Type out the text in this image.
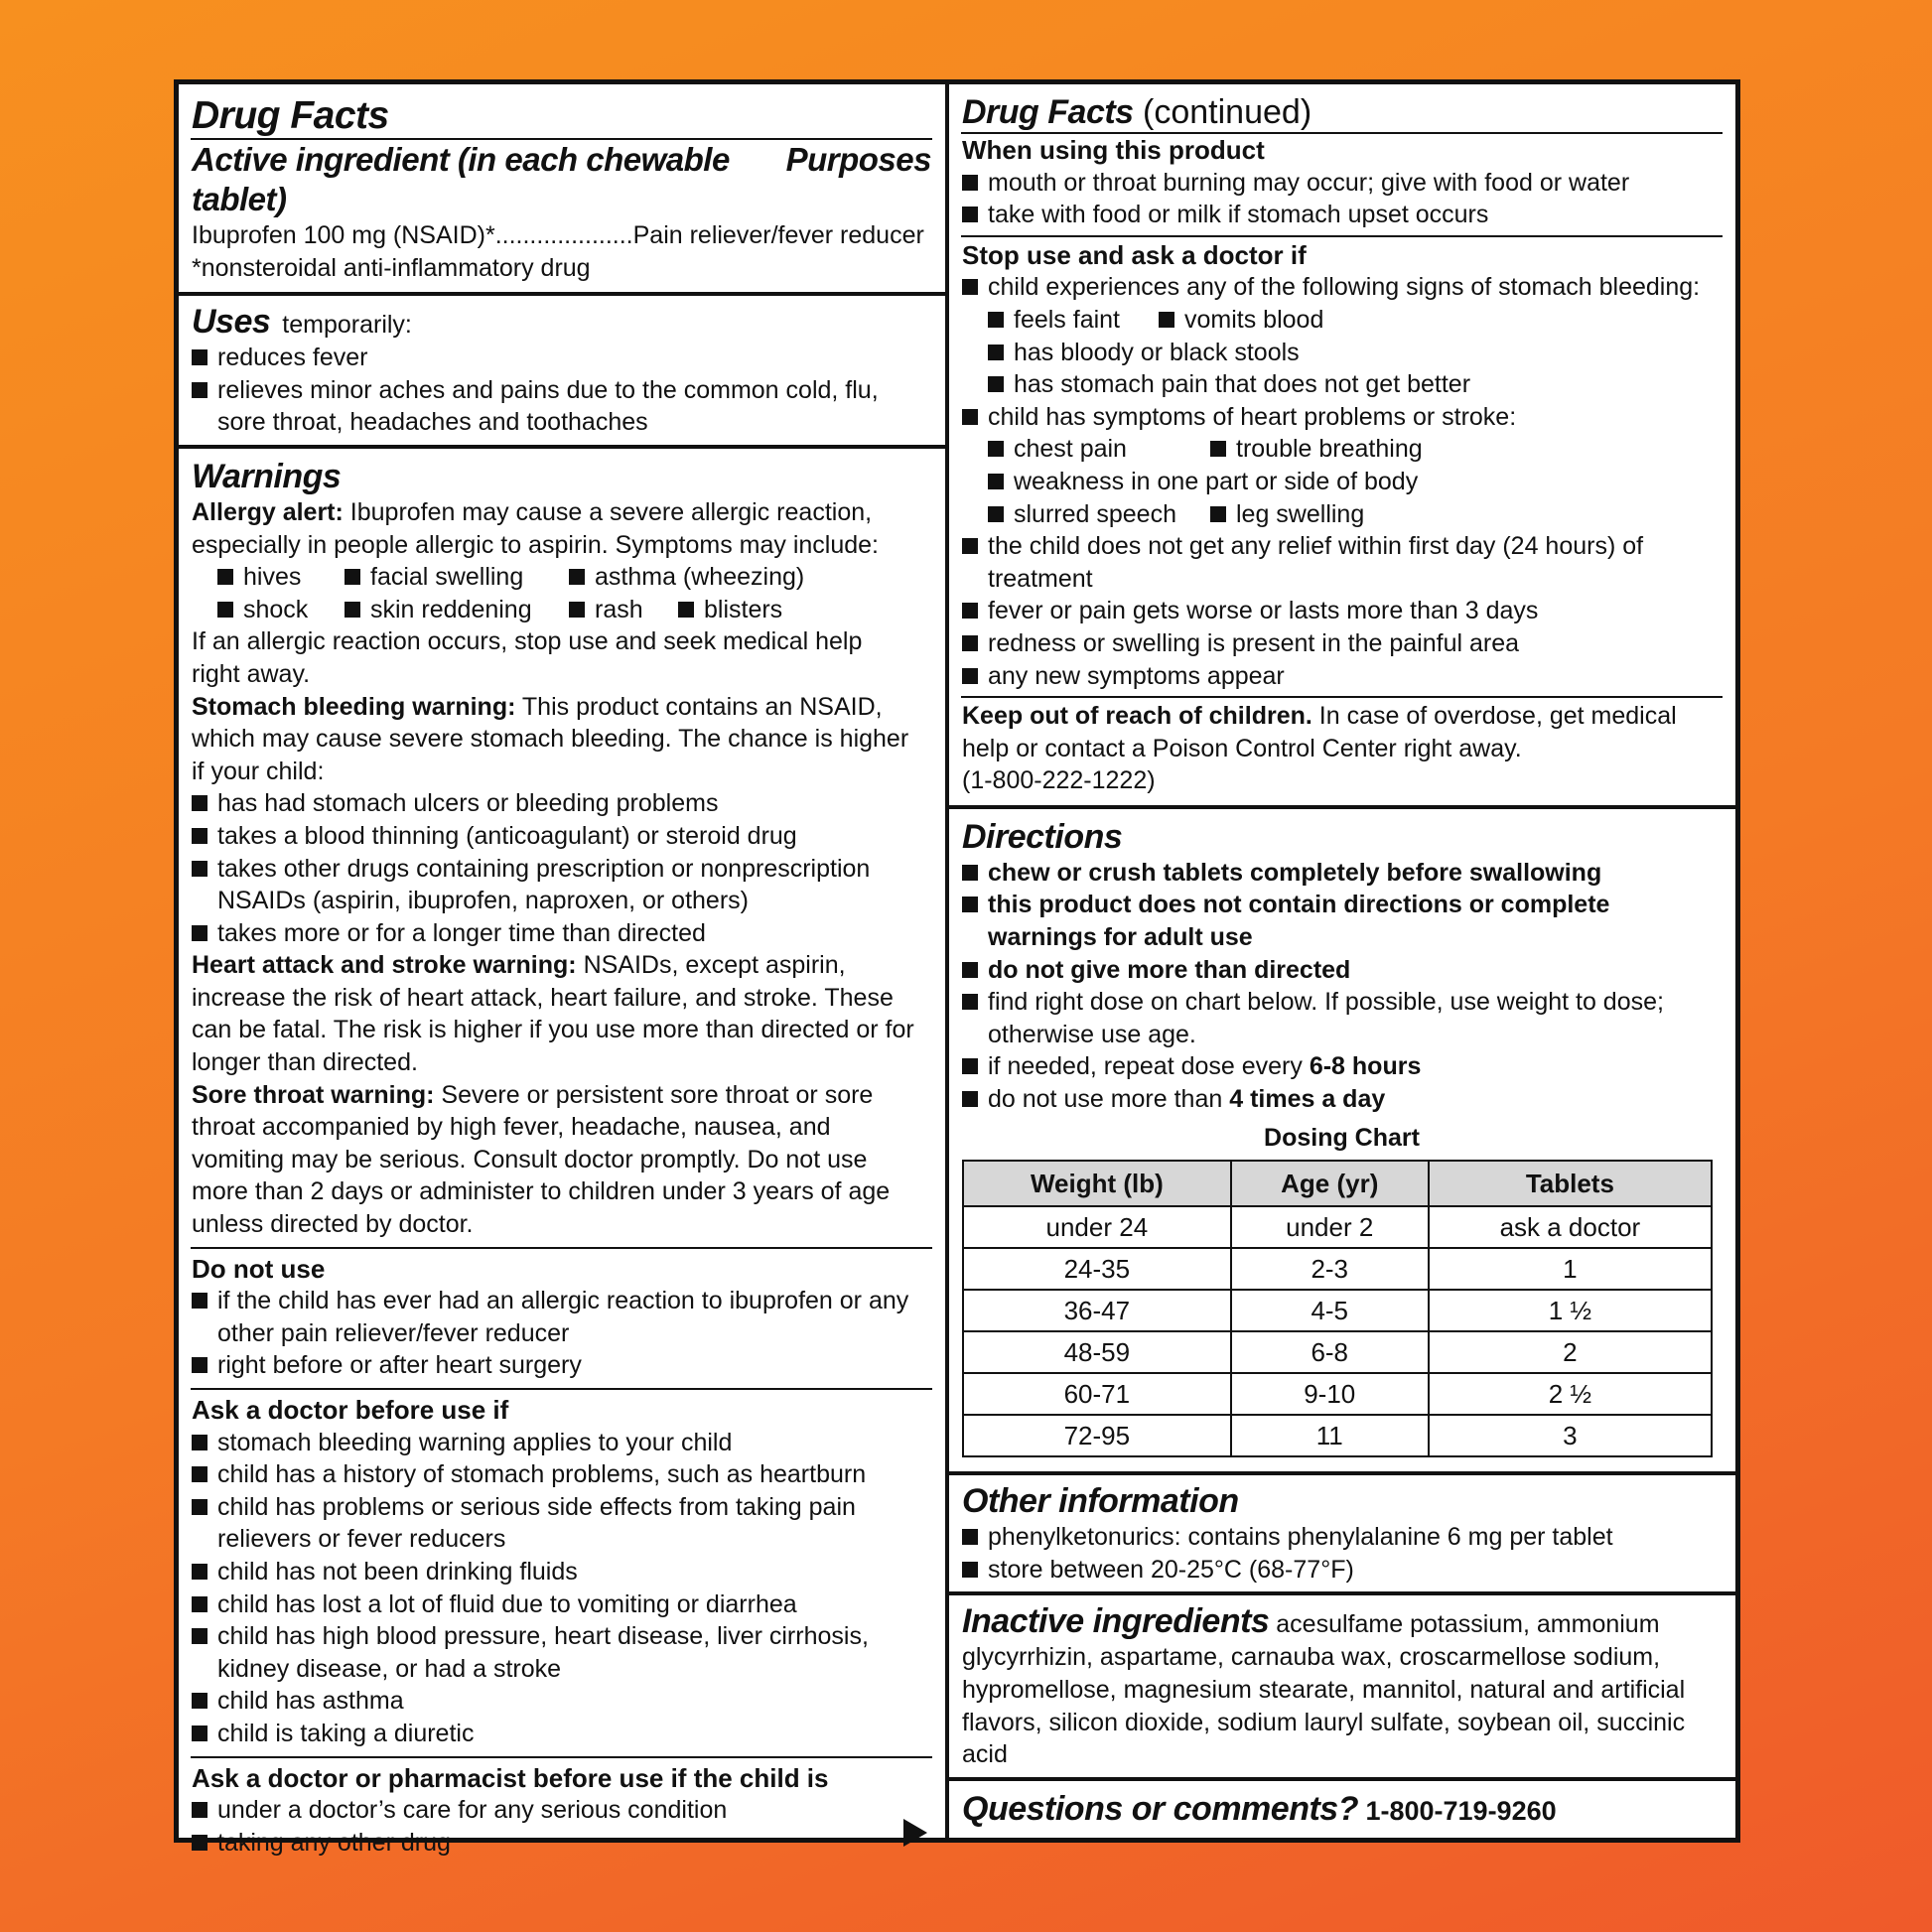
Drug Facts
Active ingredient (in each chewable tablet)
Purposes
Ibuprofen 100 mg (NSAID)*....................Pain reliever/fever reducer
*nonsteroidal anti-inflammatory drug
Uses temporarily:
reduces fever
relieves minor aches and pains due to the common cold, flu,
sore throat, headaches and toothaches
Warnings
Allergy alert: Ibuprofen may cause a severe allergic reaction,
especially in people allergic to aspirin. Symptoms may include:
hives	facial swelling	asthma (wheezing)
shock	skin reddening	rash blisters
If an allergic reaction occurs, stop use and seek medical help
right away.
Stomach bleeding warning: This product contains an NSAID,
which may cause severe stomach bleeding. The chance is higher
if your child:
has had stomach ulcers or bleeding problems
takes a blood thinning (anticoagulant) or steroid drug
takes other drugs containing prescription or nonprescription
NSAIDs (aspirin, ibuprofen, naproxen, or others)
takes more or for a longer time than directed
Heart attack and stroke warning: NSAIDs, except aspirin,
increase the risk of heart attack, heart failure, and stroke. These
can be fatal. The risk is higher if you use more than directed or for
longer than directed.
Sore throat warning: Severe or persistent sore throat or sore
throat accompanied by high fever, headache, nausea, and
vomiting may be serious. Consult doctor promptly. Do not use
more than 2 days or administer to children under 3 years of age
unless directed by doctor.
Do not use
if the child has ever had an allergic reaction to ibuprofen or any
other pain reliever/fever reducer
right before or after heart surgery
Ask a doctor before use if
stomach bleeding warning applies to your child
child has a history of stomach problems, such as heartburn
child has problems or serious side effects from taking pain
relievers or fever reducers
child has not been drinking fluids
child has lost a lot of fluid due to vomiting or diarrhea
child has high blood pressure, heart disease, liver cirrhosis,
kidney disease, or had a stroke
child has asthma
child is taking a diuretic
Ask a doctor or pharmacist before use if the child is
under a doctor’s care for any serious condition
taking any other drug
Drug Facts (continued)
When using this product
mouth or throat burning may occur; give with food or water
take with food or milk if stomach upset occurs
Stop use and ask a doctor if
child experiences any of the following signs of stomach bleeding:
feels faint	vomits blood
has bloody or black stools
has stomach pain that does not get better
child has symptoms of heart problems or stroke:
chest pain	trouble breathing
weakness in one part or side of body
slurred speech leg swelling
the child does not get any relief within first day (24 hours) of
treatment
fever or pain gets worse or lasts more than 3 days
redness or swelling is present in the painful area
any new symptoms appear
Keep out of reach of children. In case of overdose, get medical
help or contact a Poison Control Center right away.
(1-800-222-1222)
Directions
chew or crush tablets completely before swallowing
this product does not contain directions or complete
warnings for adult use
do not give more than directed
find right dose on chart below. If possible, use weight to dose;
otherwise use age.
if needed, repeat dose every 6-8 hours
do not use more than 4 times a day
Dosing Chart
Weight (lb)	Age (yr)	Tablets
under 24	under 2	ask a doctor
24-35	2-3	1
36-47	4-5	1 ½
48-59	6-8	2
60-71	9-10	2 ½
72-95	11	3
Other information
phenylketonurics: contains phenylalanine 6 mg per tablet
store between 20-25°C (68-77°F)
Inactive ingredients acesulfame potassium, ammonium
glycyrrhizin, aspartame, carnauba wax, croscarmellose sodium,
hypromellose, magnesium stearate, mannitol, natural and artificial
flavors, silicon dioxide, sodium lauryl sulfate, soybean oil, succinic acid
Questions or comments? 1-800-719-9260
